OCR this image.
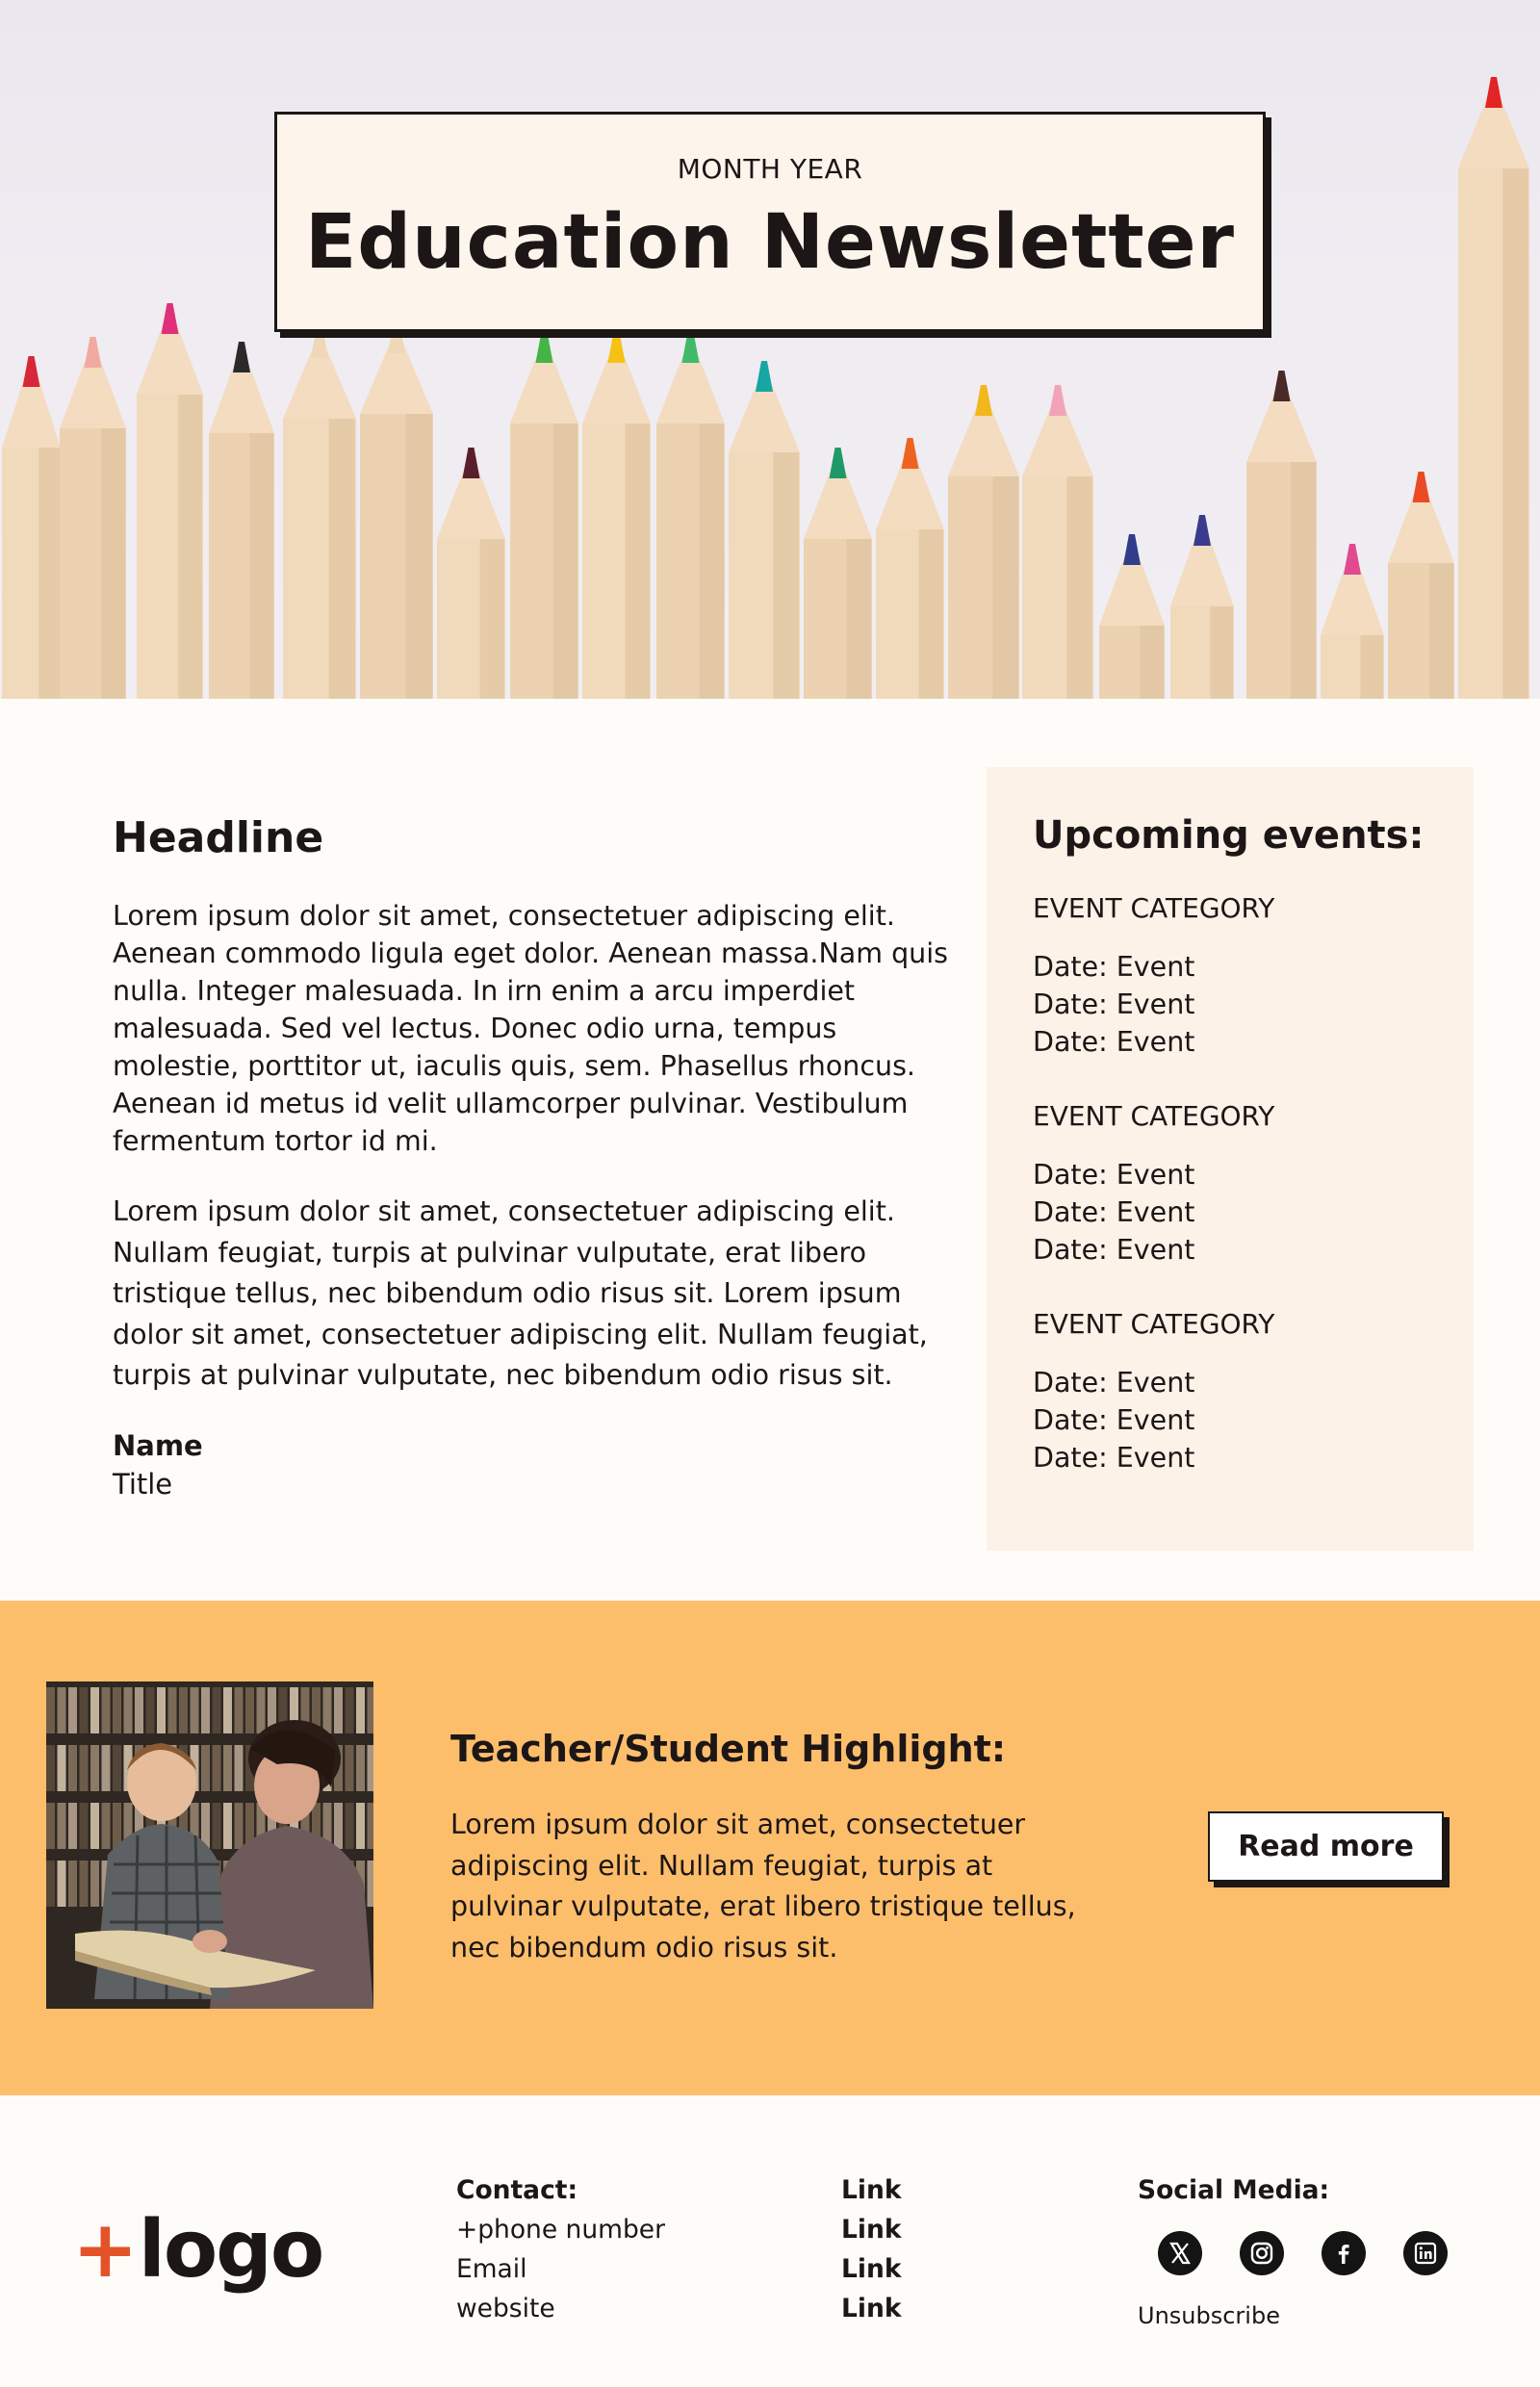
MONTH YEAR
Education Newsletter
Headline
Lorem ipsum dolor sit amet, consectetuer adipiscing elit. Aenean commodo ligula eget dolor. Aenean massa.Nam quis nulla. Integer malesuada. In irn enim a arcu imperdiet malesuada. Sed vel lectus. Donec odio urna, tempus molestie, porttitor ut, iaculis quis, sem. Phasellus rhoncus. Aenean id metus id velit ullamcorper pulvinar. Vestibulum fermentum tortor id mi.
Lorem ipsum dolor sit amet, consectetuer adipiscing elit. Nullam feugiat, turpis at pulvinar vulputate, erat libero tristique tellus, nec bibendum odio risus sit. Lorem ipsum dolor sit amet, consectetuer adipiscing elit. Nullam feugiat, turpis at pulvinar vulputate, nec bibendum odio risus sit.
Name
Title
Upcoming events:
EVENT CATEGORY
Date: Event
Date: Event
Date: Event
EVENT CATEGORY
Date: Event
Date: Event
Date: Event
EVENT CATEGORY
Date: Event
Date: Event
Date: Event
Teacher/Student Highlight:
Lorem ipsum dolor sit amet, consectetuer adipiscing elit. Nullam feugiat, turpis at pulvinar vulputate, erat libero tristique tellus, nec bibendum odio risus sit.
Read more
+ logo
Contact:
+phone number
Email
website
Link
Link
Link
Link
Social Media:
Unsubscribe
